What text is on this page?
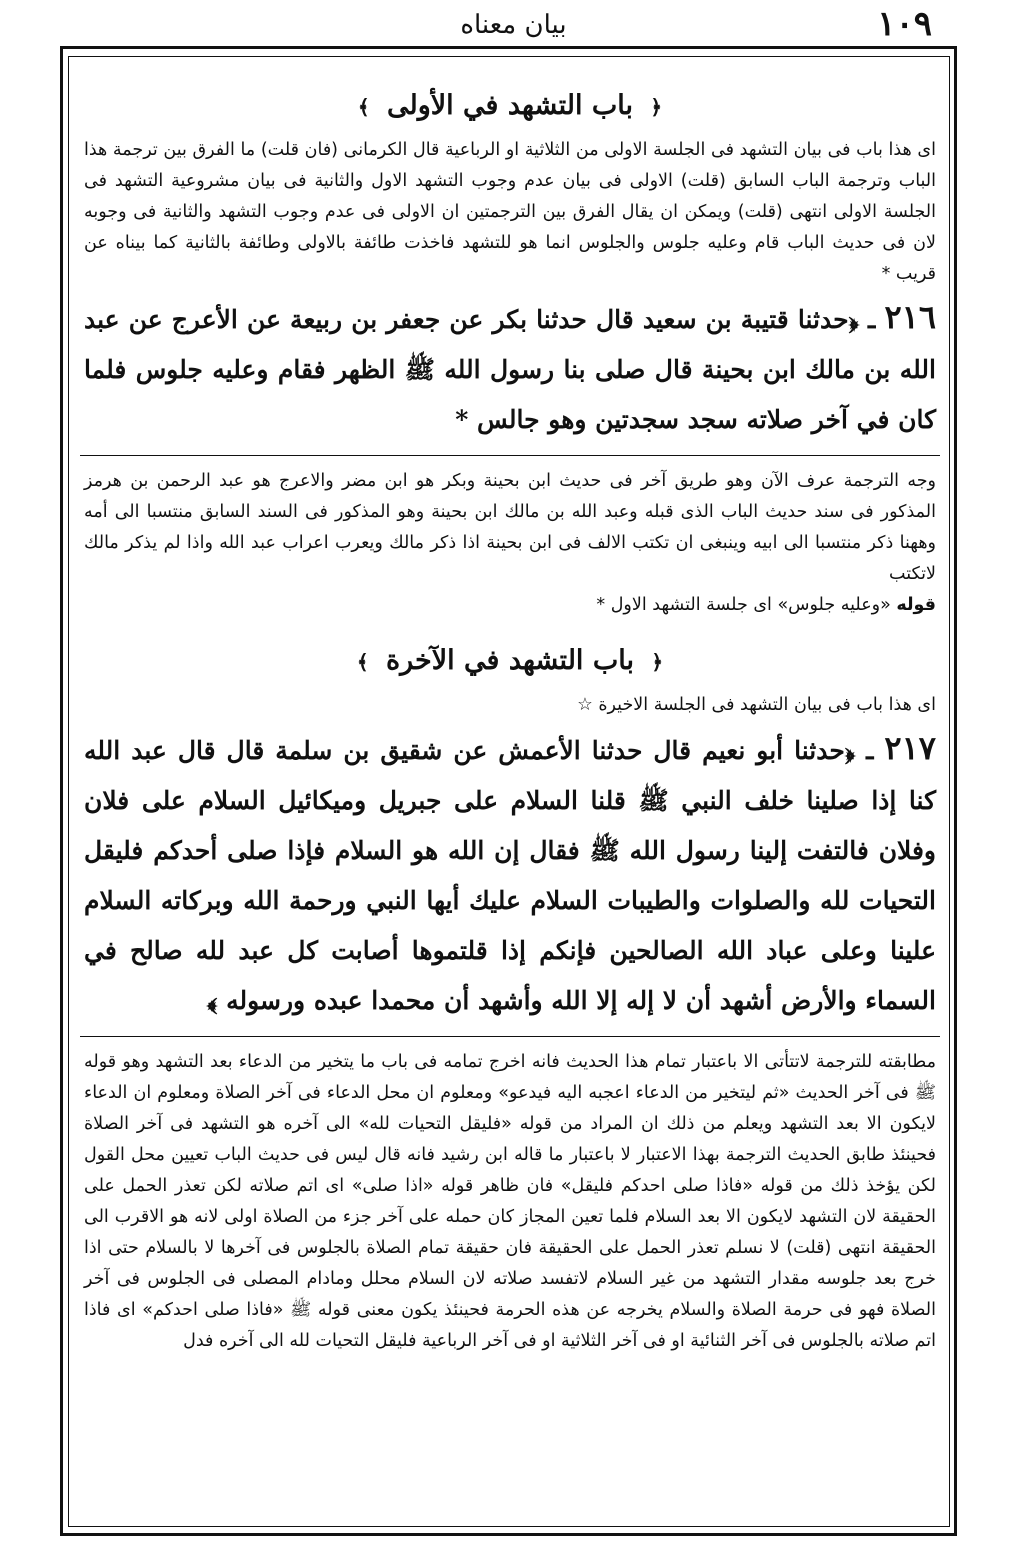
١٠٩
بيان معناه
﴿ باب التشهد في الأولى ﴾

اى هذا باب فى بيان التشهد فى الجلسة الاولى من الثلاثية او الرباعية قال الكرمانى (فان قلت) ما الفرق بين ترجمة هذا الباب وترجمة الباب السابق (قلت) الاولى فى بيان عدم وجوب التشهد الاول والثانية فى بيان مشروعية التشهد فى الجلسة الاولى انتهى (قلت) ويمكن ان يقال الفرق بين الترجمتين ان الاولى فى عدم وجوب التشهد والثانية فى وجوبه لان فى حديث الباب قام وعليه جلوس والجلوس انما هو للتشهد فاخذت طائفة بالاولى وطائفة بالثانية كما بيناه عن قريب *

٢١٦ ـ ﴿حدثنا قتيبة بن سعيد قال حدثنا بكر عن جعفر بن ربيعة عن الأعرج عن عبد الله بن مالك ابن بحينة قال صلى بنا رسول الله ﷺ الظهر فقام وعليه جلوس فلما كان في آخر صلاته سجد سجدتين وهو جالس *

وجه الترجمة عرف الآن وهو طريق آخر فى حديث ابن بحينة وبكر هو ابن مضر والاعرج هو عبد الرحمن بن هرمز المذكور فى سند حديث الباب الذى قبله وعبد الله بن مالك ابن بحينة وهو المذكور فى السند السابق منتسبا الى أمه وههنا ذكر منتسبا الى ابيه وينبغى ان تكتب الالف فى ابن بحينة اذا ذكر مالك ويعرب اعراب عبد الله واذا لم يذكر مالك لاتكتب

قوله «وعليه جلوس» اى جلسة التشهد الاول *

﴿ باب التشهد في الآخرة ﴾

اى هذا باب فى بيان التشهد فى الجلسة الاخيرة ☆

٢١٧ ـ ﴿حدثنا أبو نعيم قال حدثنا الأعمش عن شقيق بن سلمة قال قال عبد الله كنا إذا صلينا خلف النبي ﷺ قلنا السلام على جبريل وميكائيل السلام على فلان وفلان فالتفت إلينا رسول الله ﷺ فقال إن الله هو السلام فإذا صلى أحدكم فليقل التحيات لله والصلوات والطيبات السلام عليك أيها النبي ورحمة الله وبركاته السلام علينا وعلى عباد الله الصالحين فإنكم إذا قلتموها أصابت كل عبد لله صالح في السماء والأرض أشهد أن لا إله إلا الله وأشهد أن محمدا عبده ورسوله ﴾

مطابقته للترجمة لاتتأتى الا باعتبار تمام هذا الحديث فانه اخرج تمامه فى باب ما يتخير من الدعاء بعد التشهد وهو قوله ﷺ فى آخر الحديث «ثم ليتخير من الدعاء اعجبه اليه فيدعو» ومعلوم ان محل الدعاء فى آخر الصلاة ومعلوم ان الدعاء لايكون الا بعد التشهد ويعلم من ذلك ان المراد من قوله «فليقل التحيات لله» الى آخره هو التشهد فى آخر الصلاة فحينئذ طابق الحديث الترجمة بهذا الاعتبار لا باعتبار ما قاله ابن رشيد فانه قال ليس فى حديث الباب تعيين محل القول لكن يؤخذ ذلك من قوله «فاذا صلى احدكم فليقل» فان ظاهر قوله «اذا صلى» اى اتم صلاته لكن تعذر الحمل على الحقيقة لان التشهد لايكون الا بعد السلام فلما تعين المجاز كان حمله على آخر جزء من الصلاة اولى لانه هو الاقرب الى الحقيقة انتهى (قلت) لا نسلم تعذر الحمل على الحقيقة فان حقيقة تمام الصلاة بالجلوس فى آخرها لا بالسلام حتى اذا خرج بعد جلوسه مقدار التشهد من غير السلام لاتفسد صلاته لان السلام محلل ومادام المصلى فى الجلوس فى آخر الصلاة فهو فى حرمة الصلاة والسلام يخرجه عن هذه الحرمة فحينئذ يكون معنى قوله ﷺ «فاذا صلى احدكم» اى فاذا اتم صلاته بالجلوس فى آخر الثنائية او فى آخر الثلاثية او فى آخر الرباعية فليقل التحيات لله الى آخره فدل
